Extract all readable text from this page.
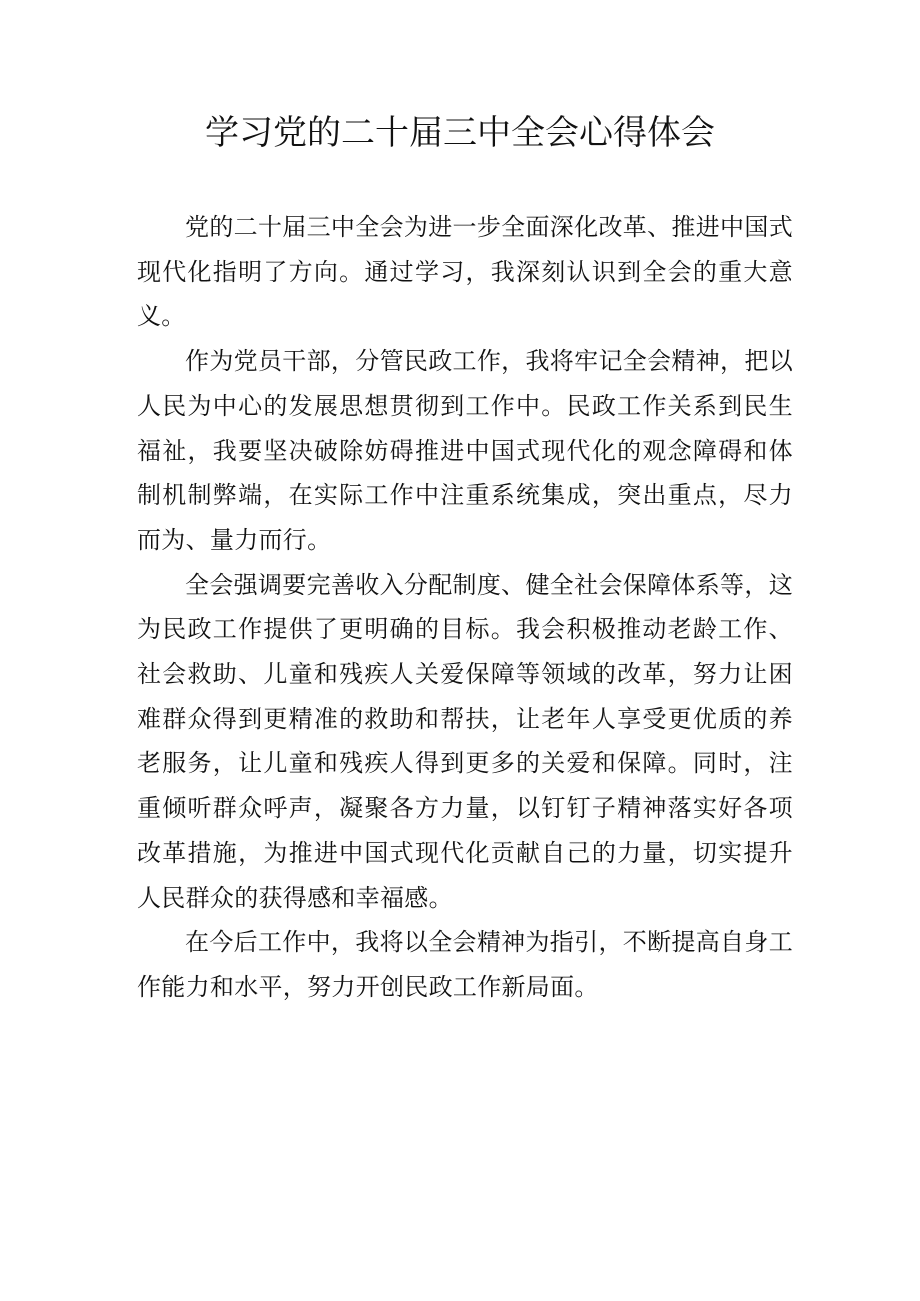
学习党的二十届三中全会心得体会

党的二十届三中全会为进一步全面深化改革、推进中国式现代化指明了方向。通过学习，我深刻认识到全会的重大意义。

作为党员干部，分管民政工作，我将牢记全会精神，把以人民为中心的发展思想贯彻到工作中。民政工作关系到民生福祉，我要坚决破除妨碍推进中国式现代化的观念障碍和体制机制弊端，在实际工作中注重系统集成，突出重点，尽力而为、量力而行。

全会强调要完善收入分配制度、健全社会保障体系等，这为民政工作提供了更明确的目标。我会积极推动老龄工作、社会救助、儿童和残疾人关爱保障等领域的改革，努力让困难群众得到更精准的救助和帮扶，让老年人享受更优质的养老服务，让儿童和残疾人得到更多的关爱和保障。同时，注重倾听群众呼声，凝聚各方力量，以钉钉子精神落实好各项改革措施，为推进中国式现代化贡献自己的力量，切实提升人民群众的获得感和幸福感。

在今后工作中，我将以全会精神为指引，不断提高自身工作能力和水平，努力开创民政工作新局面。
